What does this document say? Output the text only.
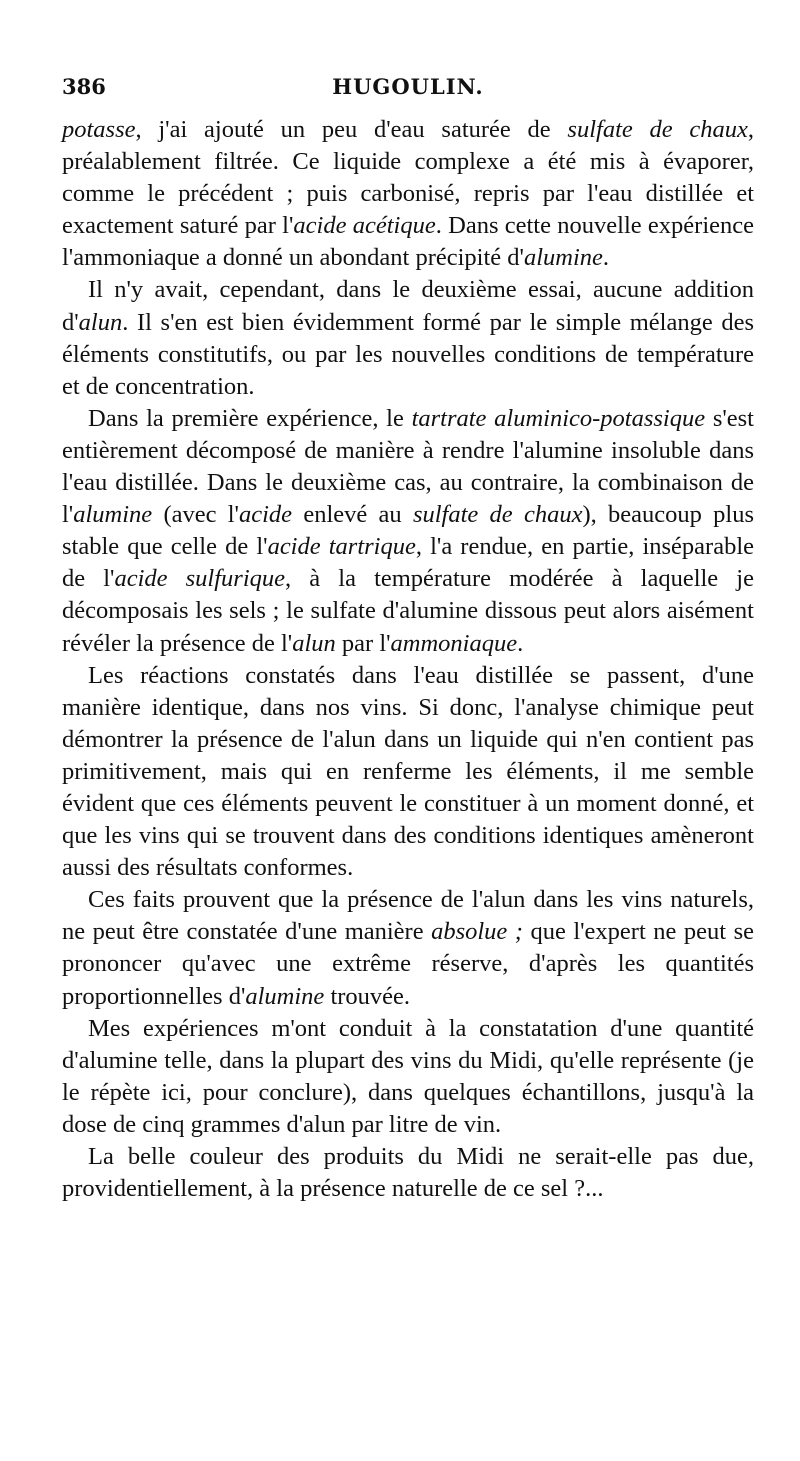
386	HUGOULIN.

potasse, j'ai ajouté un peu d'eau saturée de sulfate de chaux, préalablement filtrée. Ce liquide complexe a été mis à évaporer, comme le précédent ; puis carbonisé, repris par l'eau distillée et exactement saturé par l'acide acétique. Dans cette nouvelle expérience l'ammoniaque a donné un abondant précipité d'alumine.

Il n'y avait, cependant, dans le deuxième essai, aucune addition d'alun. Il s'en est bien évidemment formé par le simple mélange des éléments constitutifs, ou par les nouvelles conditions de température et de concentration.

Dans la première expérience, le tartrate aluminico-potassique s'est entièrement décomposé de manière à rendre l'alumine insoluble dans l'eau distillée. Dans le deuxième cas, au contraire, la combinaison de l'alumine (avec l'acide enlevé au sulfate de chaux), beaucoup plus stable que celle de l'acide tartrique, l'a rendue, en partie, inséparable de l'acide sulfurique, à la température modérée à laquelle je décomposais les sels ; le sulfate d'alumine dissous peut alors aisément révéler la présence de l'alun par l'ammoniaque.

Les réactions constatés dans l'eau distillée se passent, d'une manière identique, dans nos vins. Si donc, l'analyse chimique peut démontrer la présence de l'alun dans un liquide qui n'en contient pas primitivement, mais qui en renferme les éléments, il me semble évident que ces éléments peuvent le constituer à un moment donné, et que les vins qui se trouvent dans des conditions identiques amèneront aussi des résultats conformes.

Ces faits prouvent que la présence de l'alun dans les vins naturels, ne peut être constatée d'une manière absolue ; que l'expert ne peut se prononcer qu'avec une extrême réserve, d'après les quantités proportionnelles d'alumine trouvée.

Mes expériences m'ont conduit à la constatation d'une quantité d'alumine telle, dans la plupart des vins du Midi, qu'elle représente (je le répète ici, pour conclure), dans quelques échantillons, jusqu'à la dose de cinq grammes d'alun par litre de vin.

La belle couleur des produits du Midi ne serait-elle pas due, providentiellement, à la présence naturelle de ce sel ?...
